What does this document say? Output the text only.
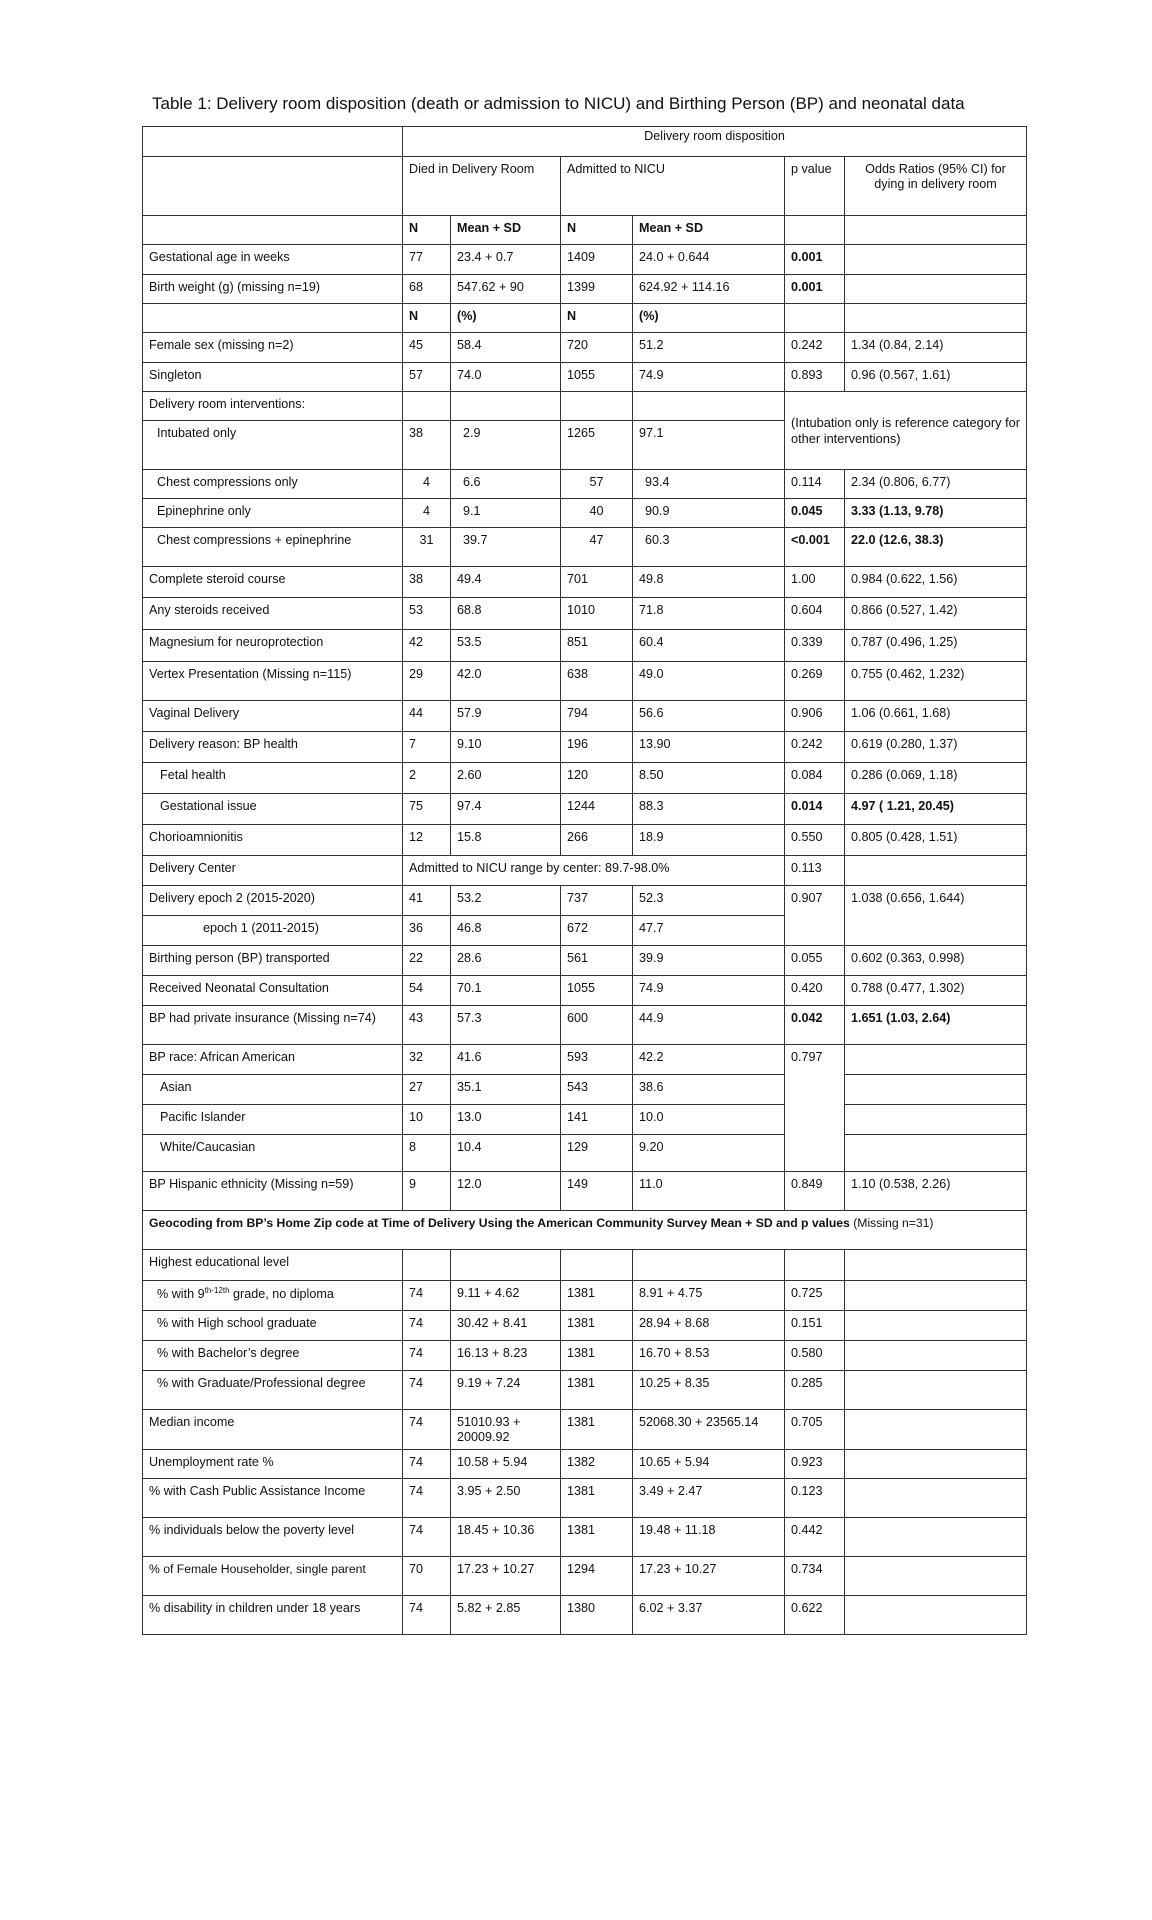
Table 1: Delivery room disposition (death or admission to NICU) and Birthing Person (BP) and neonatal data
	Delivery room disposition					
	Died in Delivery Room		Admitted to NICU		p value	Odds Ratios (95% CI) for dying in delivery room
	N	Mean + SD	N	Mean + SD		
Gestational age in weeks	77	23.4 + 0.7	1409	24.0 + 0.644	0.001	
Birth weight (g) (missing n=19)	68	547.62 + 90	1399	624.92 + 114.16	0.001	
	N	(%)	N	(%)		
Female sex (missing n=2)	45	58.4	720	51.2	0.242	1.34 (0.84, 2.14)
Singleton	57	74.0	1055	74.9	0.893	0.96 (0.567, 1.61)
Delivery room interventions:					(Intubation only is reference category for other interventions)	
Intubated only	38	2.9	1265	97.1		
Chest compressions only	4	6.6	57	93.4	0.114	2.34 (0.806, 6.77)
Epinephrine only	4	9.1	40	90.9	0.045	3.33 (1.13, 9.78)
Chest compressions + epinephrine	31	39.7	47	60.3	<0.001	22.0 (12.6, 38.3)
Complete steroid course	38	49.4	701	49.8	1.00	0.984 (0.622, 1.56)
Any steroids received	53	68.8	1010	71.8	0.604	0.866 (0.527, 1.42)
Magnesium for neuroprotection	42	53.5	851	60.4	0.339	0.787 (0.496, 1.25)
Vertex Presentation (Missing n=115)	29	42.0	638	49.0	0.269	0.755 (0.462, 1.232)
Vaginal Delivery	44	57.9	794	56.6	0.906	1.06 (0.661, 1.68)
Delivery reason: BP health	7	9.10	196	13.90	0.242	0.619 (0.280, 1.37)
Fetal health	2	2.60	120	8.50	0.084	0.286 (0.069, 1.18)
Gestational issue	75	97.4	1244	88.3	0.014	4.97 ( 1.21, 20.45)
Chorioamnionitis	12	15.8	266	18.9	0.550	0.805 (0.428, 1.51)
Delivery Center	Admitted to NICU range by center: 89.7-98.0%				0.113	
Delivery epoch 2 (2015-2020)	41	53.2	737	52.3	0.907	1.038 (0.656, 1.644)
epoch 1 (2011-2015)	36	46.8	672	47.7		
Birthing person (BP) transported	22	28.6	561	39.9	0.055	0.602 (0.363, 0.998)
Received Neonatal Consultation	54	70.1	1055	74.9	0.420	0.788 (0.477, 1.302)
BP had private insurance (Missing n=74)	43	57.3	600	44.9	0.042	1.651 (1.03, 2.64)
BP race: African American	32	41.6	593	42.2	0.797	
Asian	27	35.1	543	38.6		
Pacific Islander	10	13.0	141	10.0		
White/Caucasian	8	10.4	129	9.20		
BP Hispanic ethnicity (Missing n=59)	9	12.0	149	11.0	0.849	1.10 (0.538, 2.26)
Geocoding from BP’s Home Zip code at Time of Delivery Using the American Community Survey Mean + SD and p values (Missing n=31)						
Highest educational level						
% with $9^{th-12th}$ grade, no diploma	74	9.11 + 4.62	1381	8.91 + 4.75	0.725	
% with High school graduate	74	30.42 + 8.41	1381	28.94 + 8.68	0.151	
% with Bachelor’s degree	74	16.13 + 8.23	1381	16.70 + 8.53	0.580	
% with Graduate/Professional degree	74	9.19 + 7.24	1381	10.25 + 8.35	0.285	
Median income	74	51010.93 + 20009.92	1381	52068.30 + 23565.14	0.705	
Unemployment rate %	74	10.58 + 5.94	1382	10.65 + 5.94	0.923	
% with Cash Public Assistance Income	74	3.95 + 2.50	1381	3.49 + 2.47	0.123	
% individuals below the poverty level	74	18.45 + 10.36	1381	19.48 + 11.18	0.442	
% of Female Householder, single parent	70	17.23 + 10.27	1294	17.23 + 10.27	0.734	
% disability in children under 18 years	74	5.82 + 2.85	1380	6.02 + 3.37	0.622	
